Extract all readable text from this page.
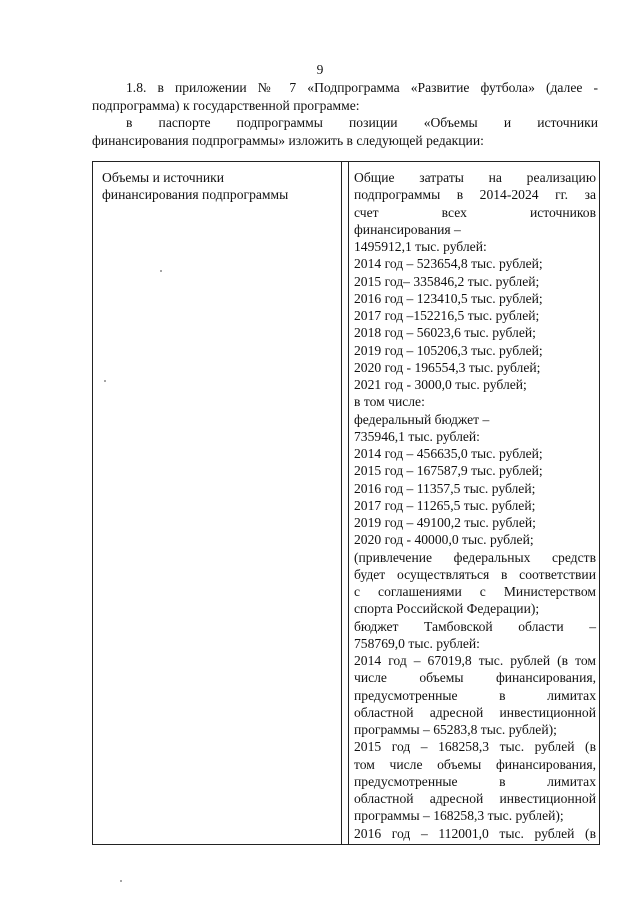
9
1.8. в приложении № 7 «Подпрограмма «Развитие футбола» (далее -
подпрограмма) к государственной программе:
в паспорте подпрограммы позиции «Объемы и источники
финансирования подпрограммы» изложить в следующей редакции:
Объемы и источники
финансирования подпрограммы
Общие затраты на реализацию
подпрограммы в 2014-2024 гг. за
счет всех источников
финансирования –
1495912,1 тыс. рублей:
2014 год – 523654,8 тыс. рублей;
2015 год– 335846,2 тыс. рублей;
2016 год – 123410,5 тыс. рублей;
2017 год –152216,5 тыс. рублей;
2018 год – 56023,6 тыс. рублей;
2019 год – 105206,3 тыс. рублей;
2020 год - 196554,3 тыс. рублей;
2021 год - 3000,0 тыс. рублей;
в том числе:
федеральный бюджет –
735946,1 тыс. рублей:
2014 год – 456635,0 тыс. рублей;
2015 год – 167587,9 тыс. рублей;
2016 год – 11357,5 тыс. рублей;
2017 год – 11265,5 тыс. рублей;
2019 год – 49100,2 тыс. рублей;
2020 год - 40000,0 тыс. рублей;
(привлечение федеральных средств
будет осуществляться в соответствии
с соглашениями с Министерством
спорта Российской Федерации);
бюджет Тамбовской области –
758769,0 тыс. рублей:
2014 год – 67019,8 тыс. рублей (в том
числе объемы финансирования,
предусмотренные в лимитах
областной адресной инвестиционной
программы – 65283,8 тыс. рублей);
2015 год – 168258,3 тыс. рублей (в
том числе объемы финансирования,
предусмотренные в лимитах
областной адресной инвестиционной
программы – 168258,3 тыс. рублей);
2016 год – 112001,0 тыс. рублей (в
